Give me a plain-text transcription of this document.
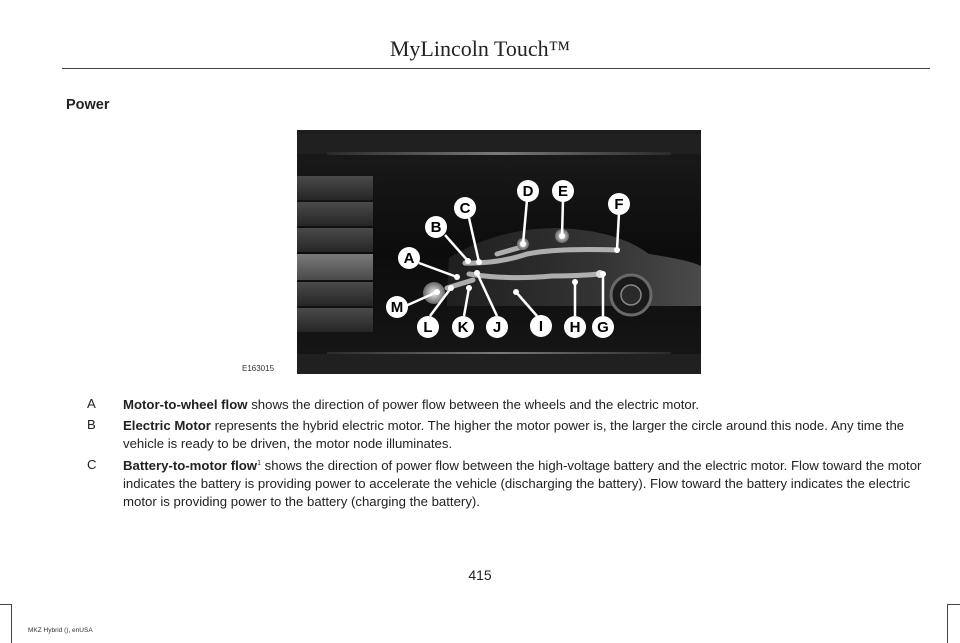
MyLincoln Touch™
Power
A
B
C
D E
F
G
H
I
J
K
L
M
E163015
A Motor-to-wheel flow shows the direction of power flow between the wheels and the electric motor.
B Electric Motor represents the hybrid electric motor. The higher the motor power is, the larger the circle around this node. Any time the vehicle is ready to be driven, the motor node illuminates.
C Battery-to-motor flow$^1$ shows the direction of power flow between the high-voltage battery and the electric motor. Flow toward the motor indicates the battery is providing power to accelerate the vehicle (discharging the battery). Flow toward the battery indicates the electric motor is providing power to the battery (charging the battery).
415
MKZ Hybrid (), enUSA
